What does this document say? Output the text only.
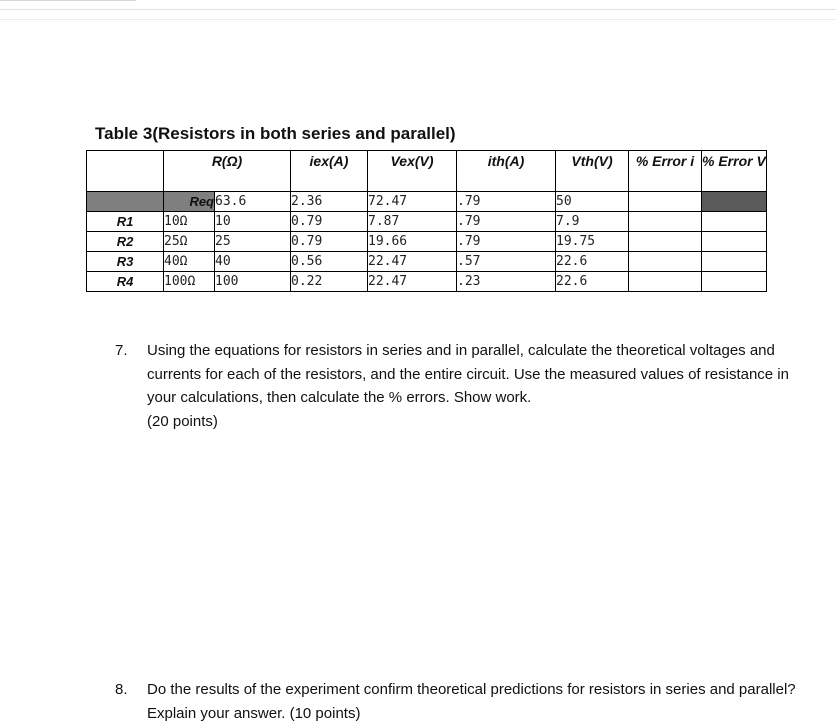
Table 3(Resistors in both series and parallel)
	R(Ω)		iex(A)	Vex(V)	ith(A)	Vth(V)	% Error i	% Error V
	Req	63.6	2.36	72.47	.79	50		
R1	10Ω	10	0.79	7.87	.79	7.9		
R2	25Ω	25	0.79	19.66	.79	19.75		
R3	40Ω	40	0.56	22.47	.57	22.6		
R4	100Ω	100	0.22	22.47	.23	22.6		
7. Using the equations for resistors in series and in parallel, calculate the theoretical voltages and currents for each of the resistors, and the entire circuit. Use the measured values of resistance in your calculations, then calculate the % errors. Show work.
(20 points)
8. Do the results of the experiment confirm theoretical predictions for resistors in series and parallel? Explain your answer. (10 points)
